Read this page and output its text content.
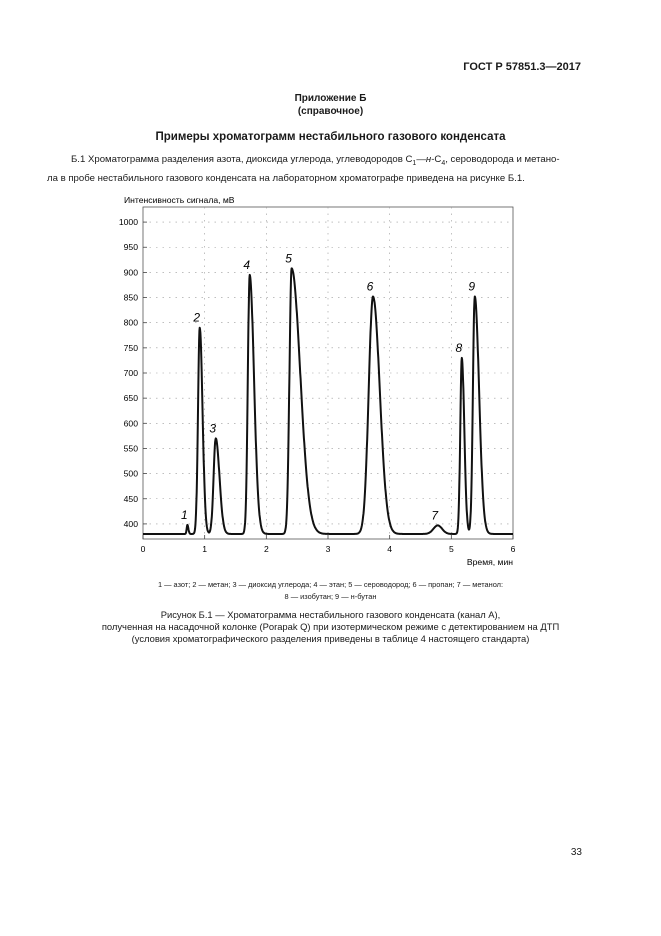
ГОСТ Р 57851.3—2017
Приложение Б
(справочное)
Примеры хроматограмм нестабильного газового конденсата
Б.1 Хроматограмма разделения азота, диоксида углерода, углеводородов $С_1—н-С_4$, сероводорода и метано-
ла в пробе нестабильного газового конденсата на лабораторном хроматографе приведена на рисунке Б.1.
Интенсивность сигнала, мВ
400
450
500
550
600
650
700
750
800
850
900
950
1000
0	1	2	3	4	5	6
1
2
3
4	5
6
7
8
9
Время, мин
1 — азот; 2 — метан; 3 — диоксид углерода; 4 — этан; 5 — сероводород; 6 — пропан; 7 — метанол:
8 — изобутан; 9 — н-бутан
Рисунок Б.1 — Хроматограмма нестабильного газового конденсата (канал А),
полученная на насадочной колонке (Porapak Q) при изотермическом режиме с детектированием на ДТП
(условия хроматографического разделения приведены в таблице 4 настоящего стандарта)
33
